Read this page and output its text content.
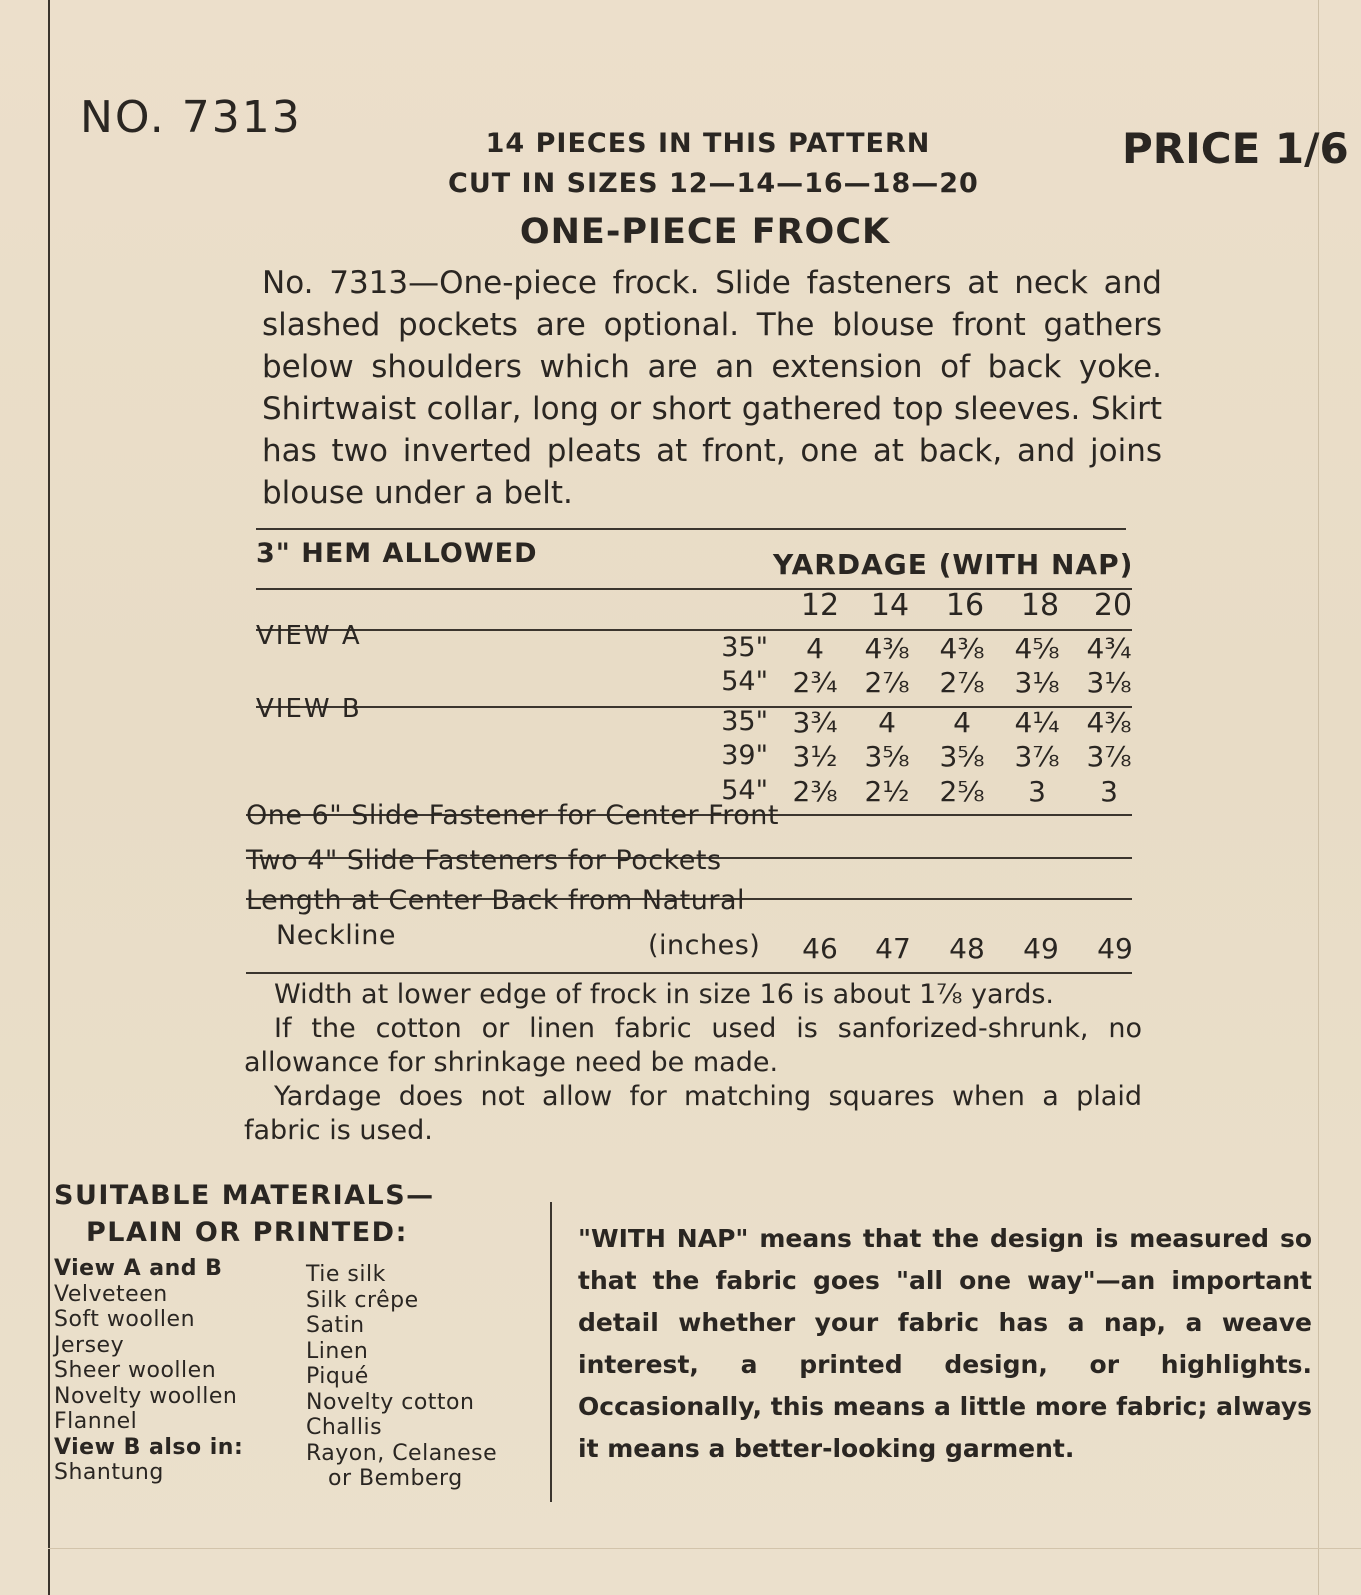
NO. 7313
PRICE 1/6
14 PIECES IN THIS PATTERN
CUT IN SIZES 12—14—16—18—20
ONE-PIECE FROCK
No. 7313—One-piece frock. Slide fasteners at neck and slashed pockets are optional. The blouse front gathers below shoulders which are an extension of back yoke. Shirtwaist collar, long or short gathered top sleeves. Skirt has two inverted pleats at front, one at back, and joins blouse under a belt.
3" HEM ALLOWED	YARDAGE (WITH NAP)
12	14	16	18	20
VIEW A	35"	4	4⅜	4⅜	4⅝ 4¾
54" 2¾ 2⅞	2⅞	3⅛ 3⅛
VIEW B	35" 3¾	4	4	4¼ 4⅜
39" 3½ 3⅝	3⅝	3⅞ 3⅞
54" 2⅜ 2½	2⅝	3	3
One 6" Slide Fastener for Center Front
Two 4" Slide Fasteners for Pockets
Length at Center Back from Natural
Neckline	(inches)	46	47	48	49	49

Width at lower edge of frock in size 16 is about 1⅞ yards.

If the cotton or linen fabric used is sanforized-shrunk, no allowance for shrinkage need be made.

Yardage does not allow for matching squares when a plaid fabric is used.

SUITABLE MATERIALS—
PLAIN OR PRINTED:
View A and B
Velveteen
Soft woollen
Jersey
Sheer woollen
Novelty woollen
Flannel
View B also in:
Shantung
Tie silk
Silk crêpe
Satin
Linen
Piqué
Novelty cotton
Challis
Rayon, Celanese
or Bemberg
"WITH NAP" means that the design is measured so that the fabric goes "all one way"—an important detail whether your fabric has a nap, a weave interest, a printed design, or highlights. Occasionally, this means a little more fabric; always it means a better-looking garment.
